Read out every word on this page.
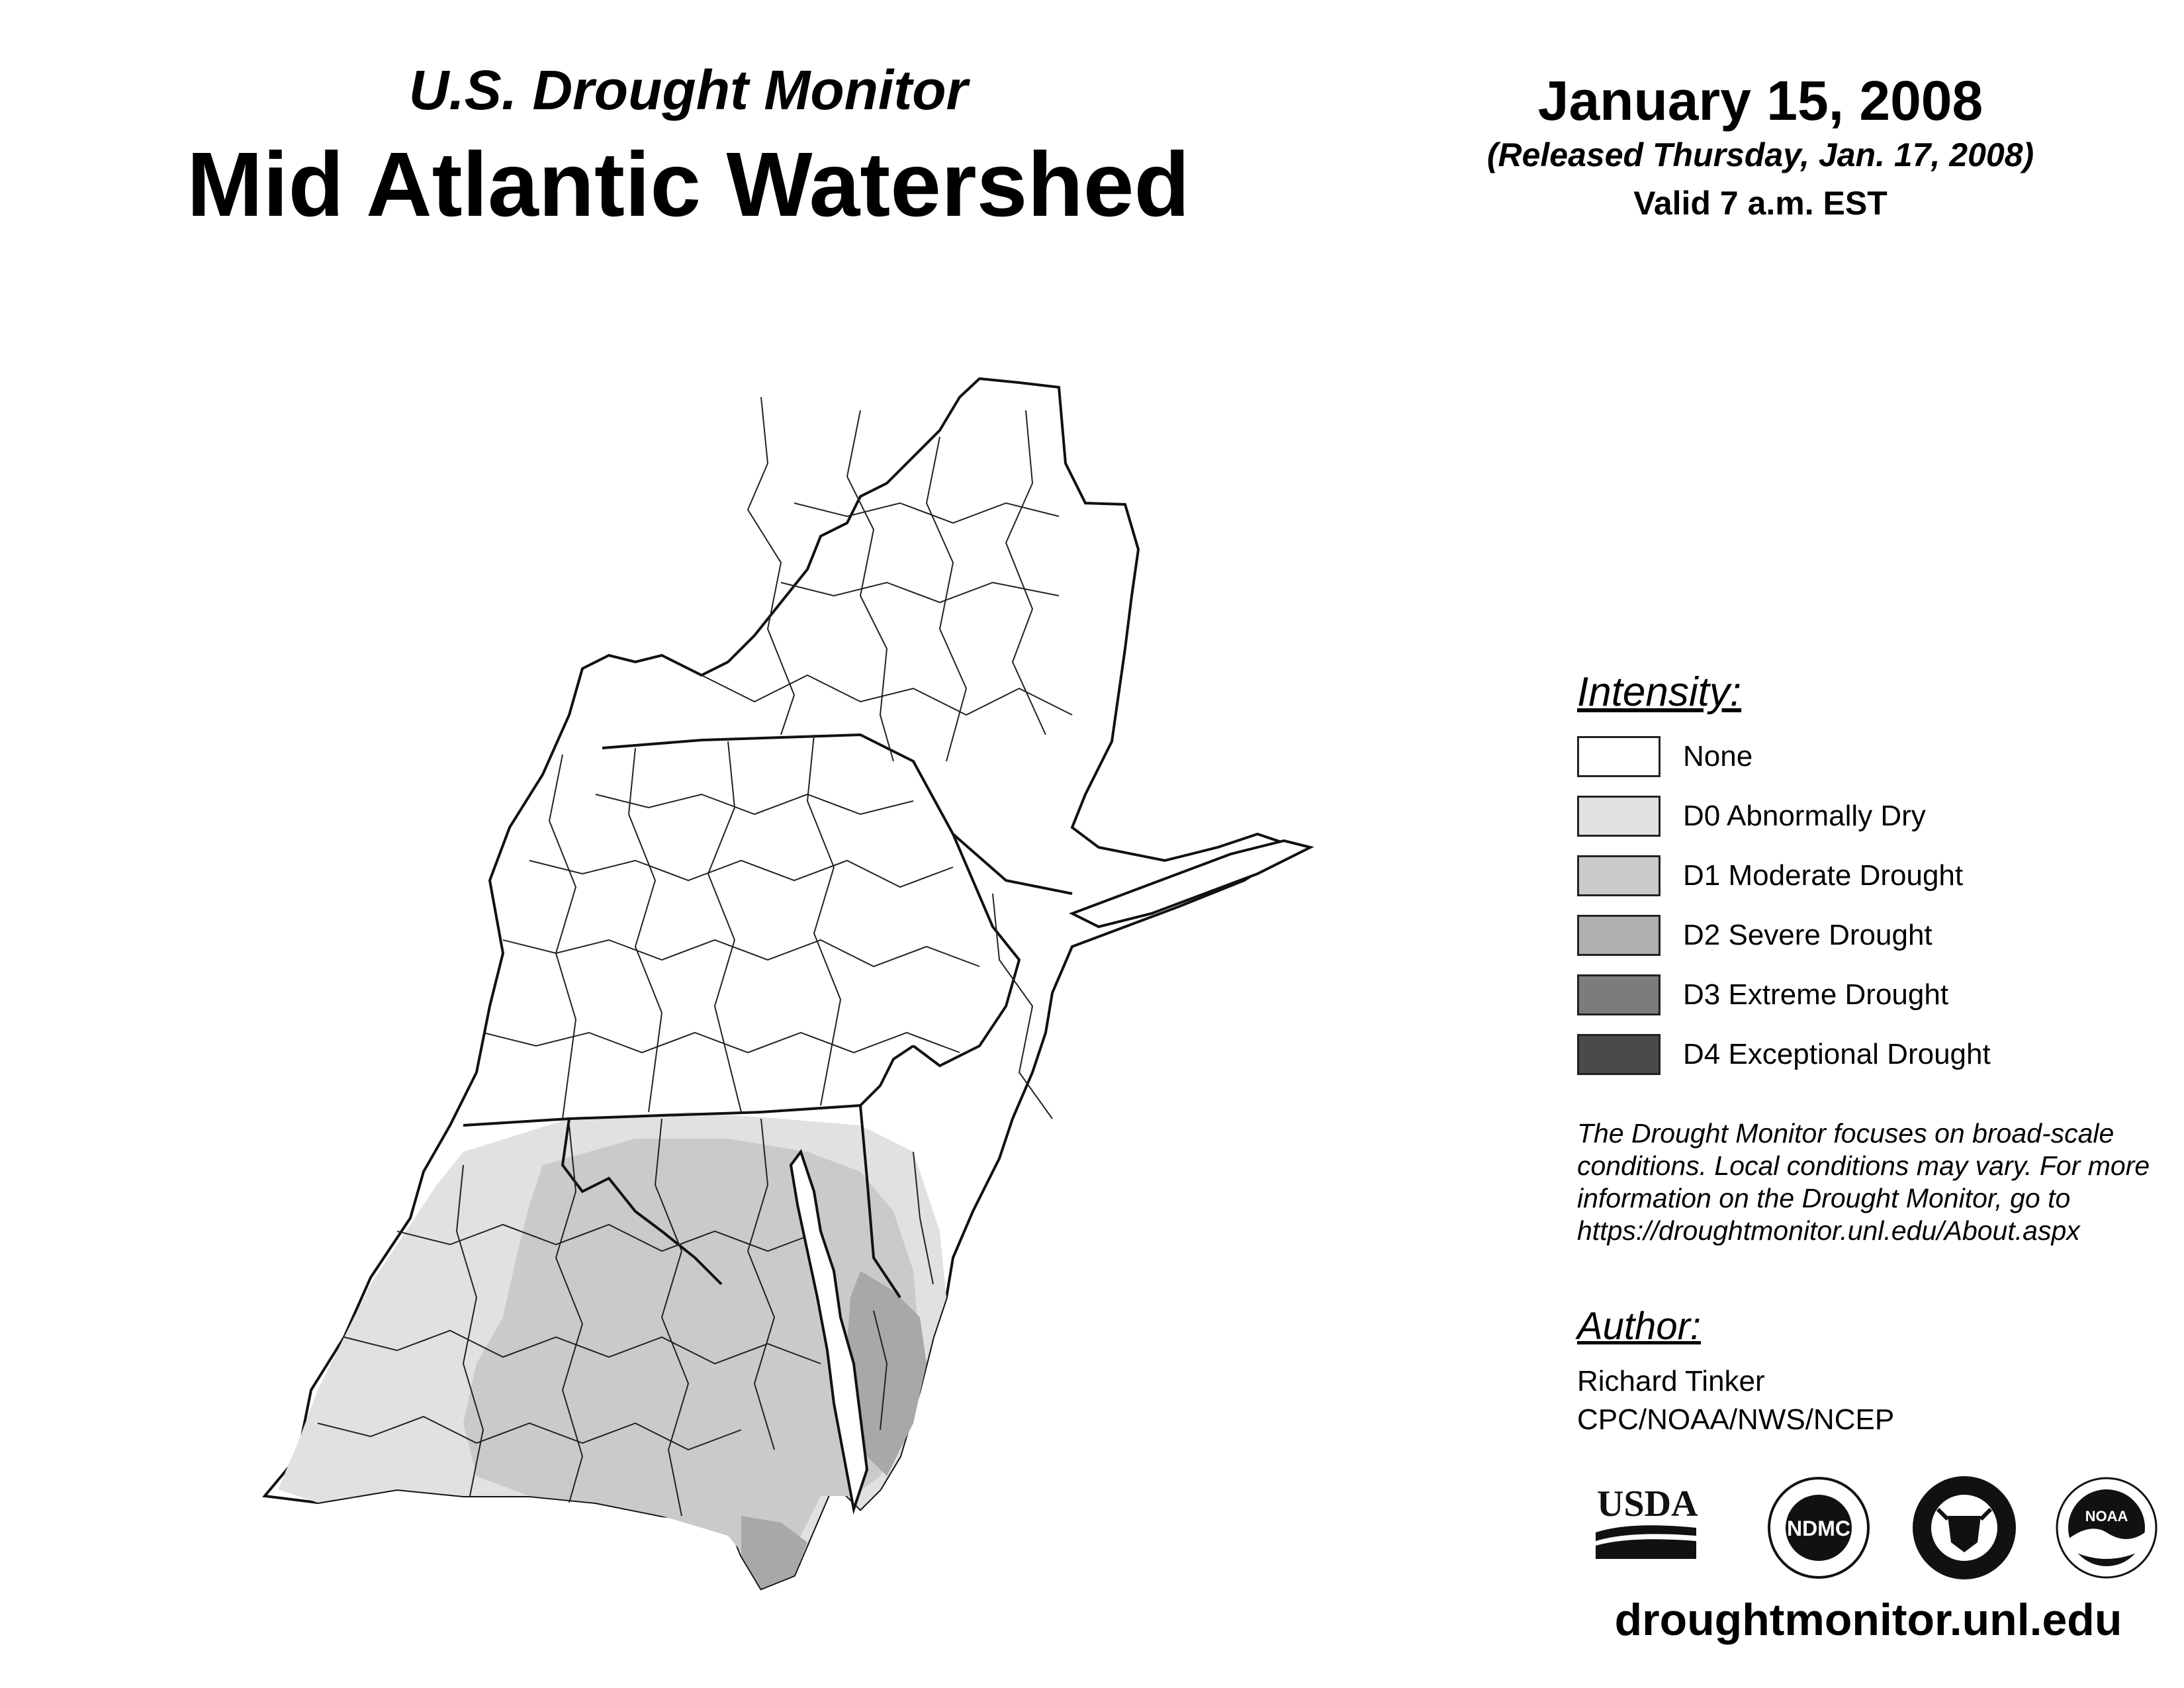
U.S. Drought Monitor
Mid Atlantic Watershed
January 15, 2008
(Released Thursday, Jan. 17, 2008)
Valid 7 a.m. EST
Intensity:
None
D0 Abnormally Dry
D1 Moderate Drought
D2 Severe Drought
D3 Extreme Drought
D4 Exceptional Drought
The Drought Monitor focuses on broad-scale
conditions. Local conditions may vary. For more
information on the Drought Monitor, go to
https://droughtmonitor.unl.edu/About.aspx
Author:
Richard Tinker
CPC/NOAA/NWS/NCEP
USDA
NDMC
NOAA
droughtmonitor.unl.edu
